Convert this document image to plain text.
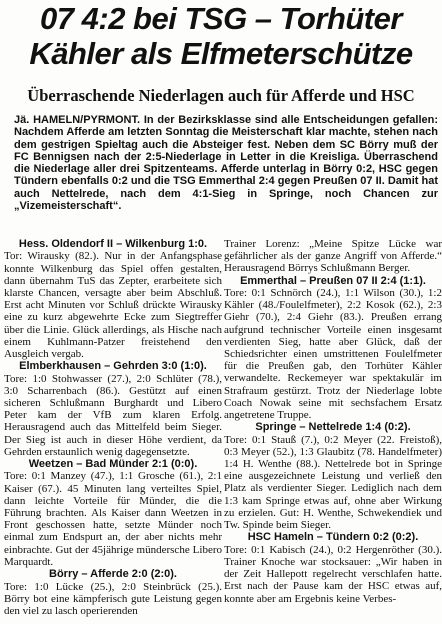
07 4:2 bei TSG – Torhüter
Kähler als Elfmeterschütze
Überraschende Niederlagen auch für Afferde und HSC

Jä. HAMELN/PYRMONT. In der Bezirksklasse sind alle Entscheidungen gefallen: Nachdem Afferde am letzten Sonntag die Meisterschaft klar machte, stehen nach dem gestrigen Spieltag auch die Absteiger fest. Neben dem SC Börry muß der FC Bennigsen nach der 2:5-Niederlage in Letter in die Kreisliga. Überraschend die Niederlage aller drei Spitzenteams. Afferde unterlag in Börry 0:2, HSC gegen Tündern ebenfalls 0:2 und die TSG Emmerthal 2:4 gegen Preußen 07 II. Damit hat auch Nettelrede, nach dem 4:1-Sieg in Springe, noch Chancen zur „Vizemeisterschaft“.

Hess. Oldendorf II – Wilkenburg 1:0.

Tor: Wirausky (82.). Nur in der Anfangsphase konnte Wilkenburg das Spiel offen gestalten, dann übernahm TuS das Zepter, erarbeitete sich klarste Chancen, versagte aber beim Abschluß. Erst acht Minuten vor Schluß drückte Wirausky eine zu kurz abgewehrte Ecke zum Siegtreffer über die Linie. Glück allerdings, als Hische nach einem Kuhlmann-Patzer freistehend den Ausgleich vergab.

Elmberkhausen – Gehrden 3:0 (1:0).

Tore: 1:0 Stohwasser (27.), 2:0 Schlüter (78.), 3:0 Scharrenbach (86.). Gestützt auf einen sicheren Schlußmann Burghardt und Libero Peter kam der VfB zum klaren Erfolg. Herausragend auch das Mittelfeld beim Sieger. Der Sieg ist auch in dieser Höhe verdient, da Gehrden erstaunlich wenig dagegensetzte.

Weetzen – Bad Münder 2:1 (0:0).

Tore: 0:1 Manzey (47.), 1:1 Grosche (61.), 2:1 Kaiser (67.). 45 Minuten lang verteiltes Spiel, dann leichte Vorteile für Münder, die die Führung brachten. Als Kaiser dann Weetzen in Front geschossen hatte, setzte Münder noch einmal zum Endspurt an, der aber nichts mehr einbrachte. Gut der 45jährige mündersche Libero Marquardt.

Börry – Afferde 2:0 (2:0).

Tore: 1:0 Lücke (25.), 2:0 Steinbrück (25.). Börry bot eine kämpferisch gute Leistung gegen den viel zu lasch operierenden

Trainer Lorenz: „Meine Spitze Lücke war gefährlicher als der ganze Angriff von Afferde.“ Herausragend Börrys Schlußmann Berger.

Emmerthal – Preußen 07 II 2:4 (1:1).

Tore: 0:1 Schnörch (24.), 1:1 Wilson (30.), 1:2 Kähler (48./Foulelfmeter), 2:2 Kosok (62.), 2:3 Giehr (70.), 2:4 Giehr (83.). Preußen errang aufgrund technischer Vorteile einen insgesamt verdienten Sieg, hatte aber Glück, daß der Schiedsrichter einen umstrittenen Foulelfmeter für die Preußen gab, den Torhüter Kähler verwandelte. Reckemeyer war spektakulär im Strafraum gestürzt. Trotz der Niederlage lobte Coach Nowak seine mit sechsfachem Ersatz angetretene Truppe.

Springe – Nettelrede 1:4 (0:2).

Tore: 0:1 Stauß (7.), 0:2 Meyer (22. Freistoß), 0:3 Meyer (52.), 1:3 Glaubitz (78. Handelfmeter) 1:4 H. Wenthe (88.). Nettelrede bot in Springe eine ausgezeichnete Leistung und verließ den Platz als verdienter Sieger. Lediglich nach dem 1:3 kam Springe etwas auf, ohne aber Wirkung zu erzielen. Gut: H. Wenthe, Schwekendiek und Tw. Spinde beim Sieger.

HSC Hameln – Tündern 0:2 (0:2).

Tore: 0:1 Kabisch (24.), 0:2 Hergenröther (30.). Trainer Knoche war stocksauer: „Wir haben in der Zeit Hallepott regelrecht verschlafen hatte. Erst nach der Pause kam der HSC etwas auf, konnte aber am Ergebnis keine Verbes-
